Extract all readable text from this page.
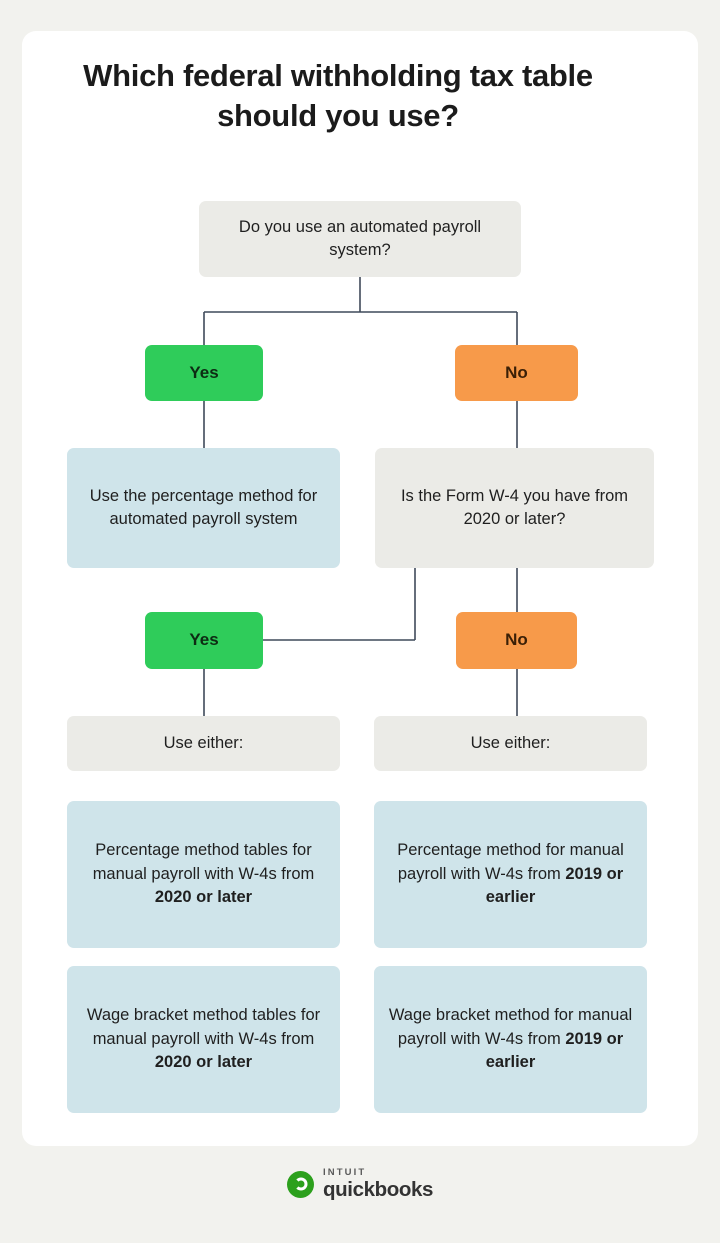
Which federal withholding tax table should you use?
Do you use an automated payroll system?
Yes	No
Use the percentage method for automated payroll system
Is the Form W-4 you have from 2020 or later?
Yes	No
Use either:	Use either:
Percentage method tables for manual payroll with W-4s from 2020 or later
Percentage method for manual payroll with W-4s from 2019 or earlier
Wage bracket method tables for manual payroll with W-4s from 2020 or later
Wage bracket method for manual payroll with W-4s from 2019 or earlier
INTUIT
quickbooks
